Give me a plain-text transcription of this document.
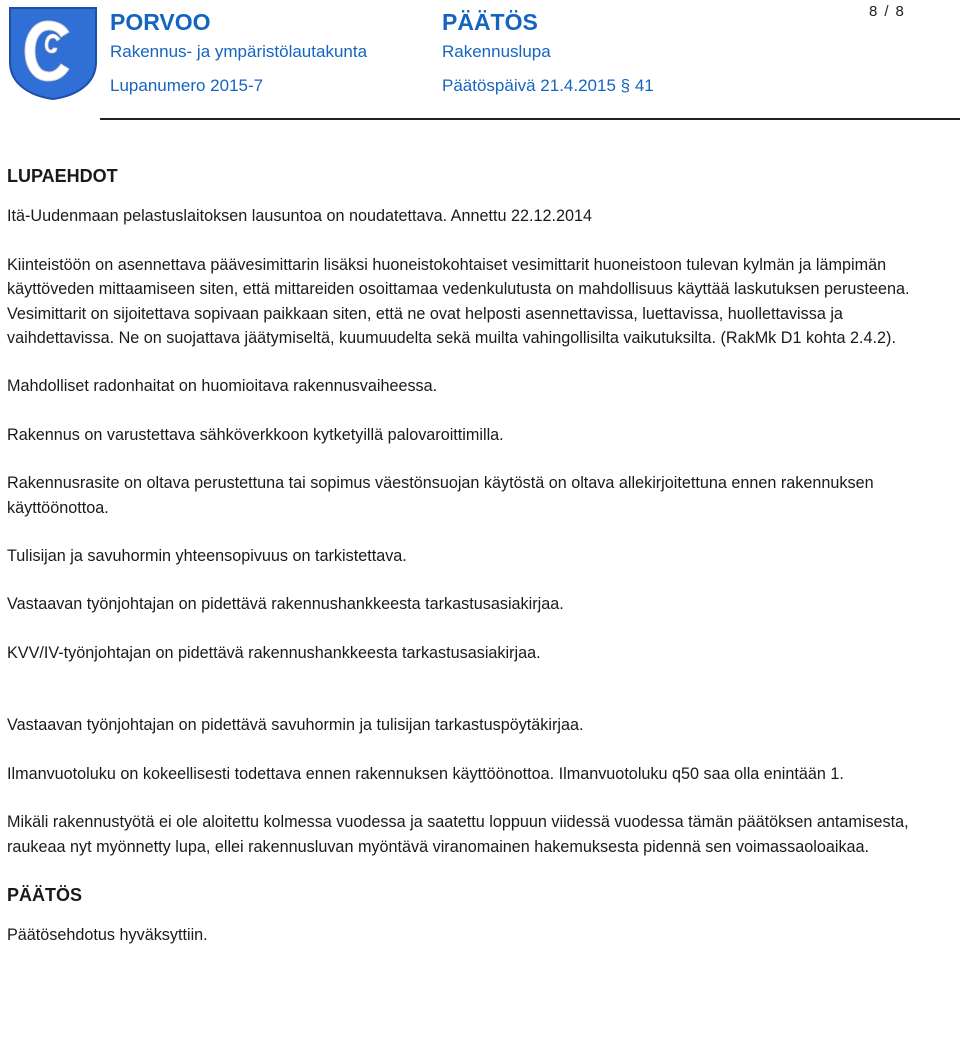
PORVOO
Rakennus- ja ympäristölautakunta
Lupanumero 2015-7
PÄÄTÖS
Rakennuslupa
Päätöspäivä 21.4.2015 § 41
8 / 8

LUPAEHDOT

Itä-Uudenmaan pelastuslaitoksen lausuntoa on noudatettava. Annettu 22.12.2014

Kiinteistöön on asennettava päävesimittarin lisäksi huoneistokohtaiset vesimittarit huoneistoon tulevan kylmän ja lämpimän käyttöveden mittaamiseen siten, että mittareiden osoittamaa vedenkulutusta on mahdollisuus käyttää laskutuksen perusteena. Vesimittarit on sijoitettava sopivaan paikkaan siten, että ne ovat helposti asennettavissa, luettavissa, huollettavissa ja vaihdettavissa. Ne on suojattava jäätymiseltä, kuumuudelta sekä muilta vahingollisilta vaikutuksilta. (RakMk D1 kohta 2.4.2).

Mahdolliset radonhaitat on huomioitava rakennusvaiheessa.

Rakennus on varustettava sähköverkkoon kytketyillä palovaroittimilla.

Rakennusrasite on oltava perustettuna tai sopimus väestönsuojan käytöstä on oltava allekirjoitettuna ennen rakennuksen käyttöönottoa.

Tulisijan ja savuhormin yhteensopivuus on tarkistettava.

Vastaavan työnjohtajan on pidettävä rakennushankkeesta tarkastusasiakirjaa.

KVV/IV-työnjohtajan on pidettävä rakennushankkeesta tarkastusasiakirjaa.

Vastaavan työnjohtajan on pidettävä savuhormin ja tulisijan tarkastuspöytäkirjaa.

Ilmanvuotoluku on kokeellisesti todettava ennen rakennuksen käyttöönottoa. Ilmanvuotoluku q50 saa olla enintään 1.

Mikäli rakennustyötä ei ole aloitettu kolmessa vuodessa ja saatettu loppuun viidessä vuodessa tämän päätöksen antamisesta, raukeaa nyt myönnetty lupa, ellei rakennusluvan myöntävä viranomainen hakemuksesta pidennä sen voimassaoloaikaa.

PÄÄTÖS

Päätösehdotus hyväksyttiin.
